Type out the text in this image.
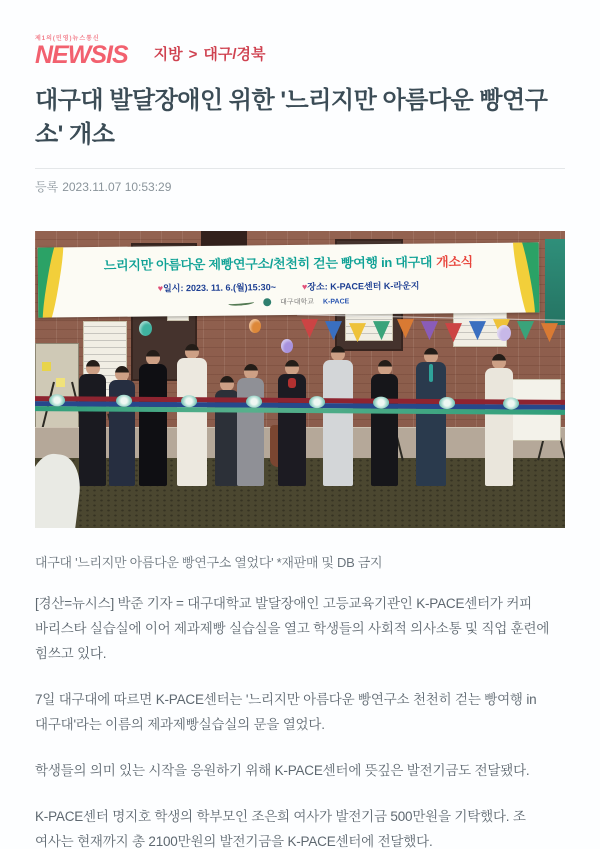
제1의(민영)뉴스통신
NEWSIS 지방 > 대구/경북
대구대 발달장애인 위한 '느리지만 아름다운 빵연구소' 개소
등록 2023.11.07 10:53:29
느리지만 아름다운 제빵연구소/천천히 걷는 빵여행 in 대구대 개소식
♥일시: 2023. 11. 6.(월)15:30~	♥장소: K-PACE센터 K-라운지
대구대학교 K-PACE
대구대 '느리지만 아름다운 빵연구소 열었다' *재판매 및 DB 금지

[경산=뉴시스] 박준 기자 = 대구대학교 발달장애인 고등교육기관인 K-PACE센터가 커피 바리스타 실습실에 이어 제과제빵 실습실을 열고 학생들의 사회적 의사소통 및 직업 훈련에 힘쓰고 있다.

7일 대구대에 따르면 K-PACE센터는 '느리지만 아름다운 빵연구소 천천히 걷는 빵여행 in 대구대'라는 이름의 제과제빵실습실의 문을 열었다.

학생들의 의미 있는 시작을 응원하기 위해 K-PACE센터에 뜻깊은 발전기금도 전달됐다.

K-PACE센터 명지호 학생의 학부모인 조은희 여사가 발전기금 500만원을 기탁했다. 조 여사는 현재까지 총 2100만원의 발전기금을 K-PACE센터에 전달했다.
